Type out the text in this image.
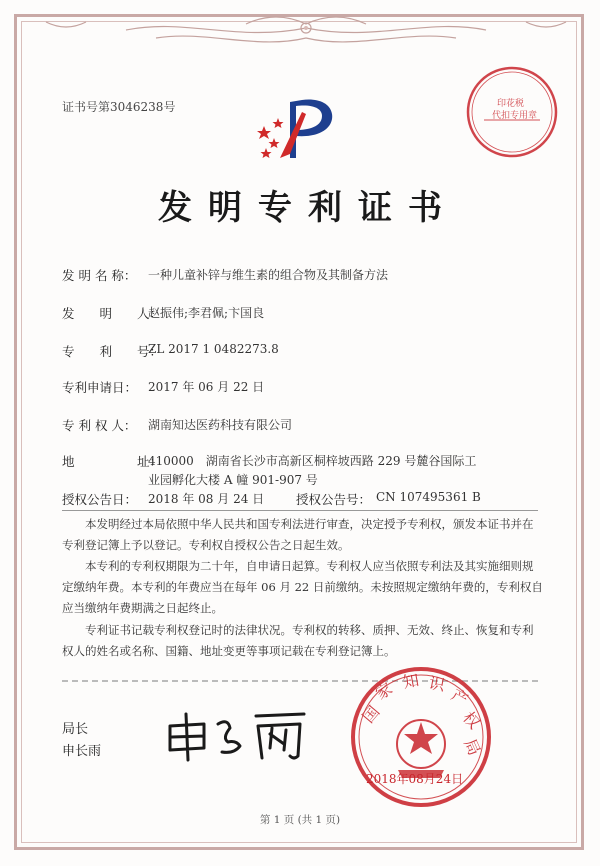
证书号第3046238号	印花税
代扣专用章
发明专利证书
发 明 名 称： 一种儿童补锌与维生素的组合物及其制备方法
发　　明　　人：
赵振伟;李君佩;卞国良
专　　利　　号：
ZL 2017 1 0482273.8
专利申请日： 2017 年 06 月 22 日
专 利 权 人： 湖南知达医药科技有限公司
地　　　　　址：
410000　湖南省长沙市高新区桐梓坡西路 229 号麓谷国际工
业园孵化大楼 A 幢 901-907 号
授权公告日： 2018 年 08 月 24 日	授权公告号： CN 107495361 B
　　本发明经过本局依照中华人民共和国专利法进行审查，决定授予专利权，颁发本证书并在专利登记簿上予以登记。专利权自授权公告之日起生效。
　　本专利的专利权期限为二十年，自申请日起算。专利权人应当依照专利法及其实施细则规定缴纳年费。本专利的年费应当在每年 06 月 22 日前缴纳。未按照规定缴纳年费的，专利权自应当缴纳年费期满之日起终止。
　　专利证书记载专利权登记时的法律状况。专利权的转移、质押、无效、终止、恢复和专利权人的姓名或名称、国籍、地址变更等事项记载在专利登记簿上。
局长
申长雨
国
家 知 识
产
权
局
2018年08月24日
第 1 页 (共 1 页)
